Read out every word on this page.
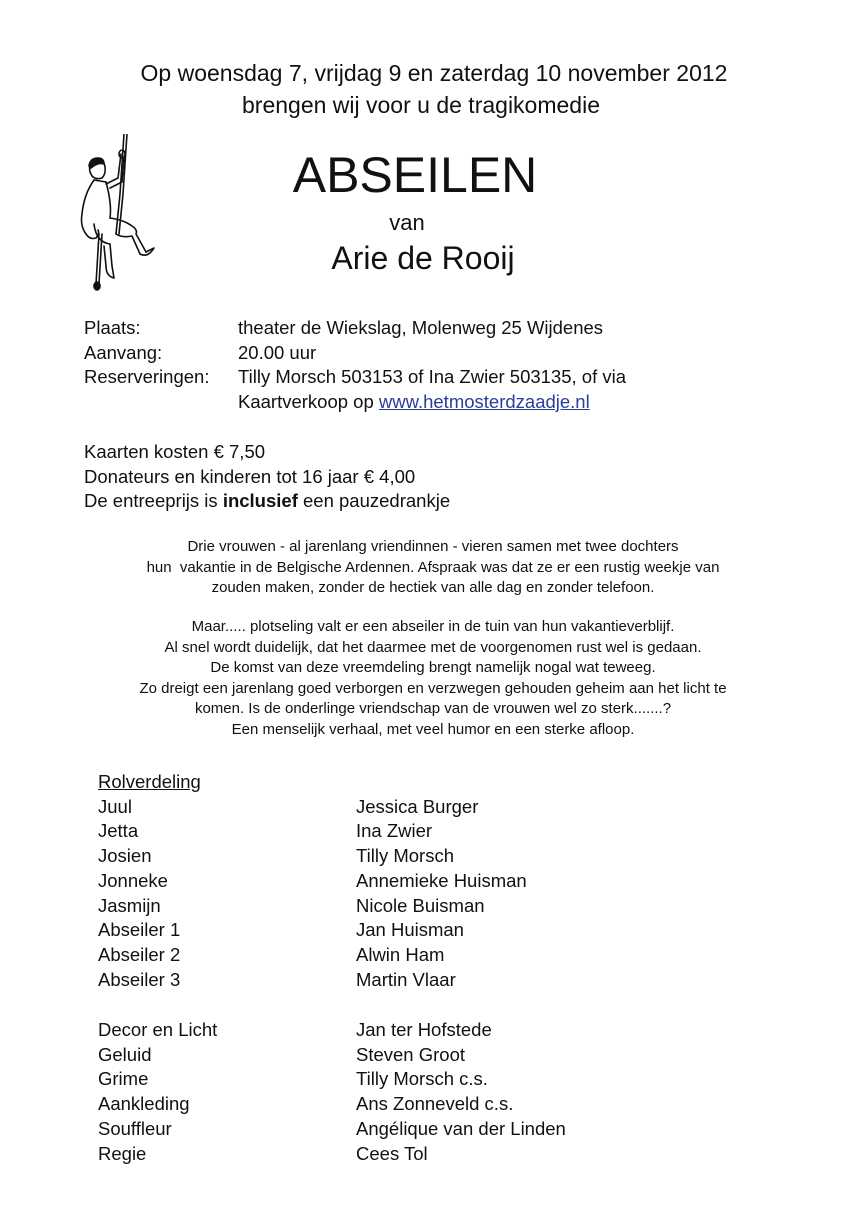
Op woensdag 7, vrijdag 9 en zaterdag 10 november 2012
brengen wij voor u de tragikomedie
ABSEILEN
van
Arie de Rooij
Plaats:	theater de Wiekslag, Molenweg 25 Wijdenes
Aanvang:	20.00 uur
Reserveringen:	Tilly Morsch 503153 of Ina Zwier 503135, of via
Kaartverkoop op www.hetmosterdzaadje.nl
Kaarten kosten € 7,50
Donateurs en kinderen tot 16 jaar € 4,00
De entreeprijs is inclusief een pauzedrankje
Drie vrouwen - al jarenlang vriendinnen - vieren samen met twee dochters
hun  vakantie in de Belgische Ardennen. Afspraak was dat ze er een rustig weekje van
zouden maken, zonder de hectiek van alle dag en zonder telefoon.
Maar..... plotseling valt er een abseiler in de tuin van hun vakantieverblijf.
Al snel wordt duidelijk, dat het daarmee met de voorgenomen rust wel is gedaan.
De komst van deze vreemdeling brengt namelijk nogal wat teweeg.
Zo dreigt een jarenlang goed verborgen en verzwegen gehouden geheim aan het licht te
komen. Is de onderlinge vriendschap van de vrouwen wel zo sterk.......?
Een menselijk verhaal, met veel humor en een sterke afloop.
Rolverdeling
Juul	Jessica Burger
Jetta	Ina Zwier
Josien	Tilly Morsch
Jonneke	Annemieke Huisman
Jasmijn	Nicole Buisman
Abseiler 1	Jan Huisman
Abseiler 2	Alwin Ham
Abseiler 3	Martin Vlaar
Decor en Licht	Jan ter Hofstede
Geluid	Steven Groot
Grime	Tilly Morsch c.s.
Aankleding	Ans Zonneveld c.s.
Souffleur	Angélique van der Linden
Regie	Cees Tol
